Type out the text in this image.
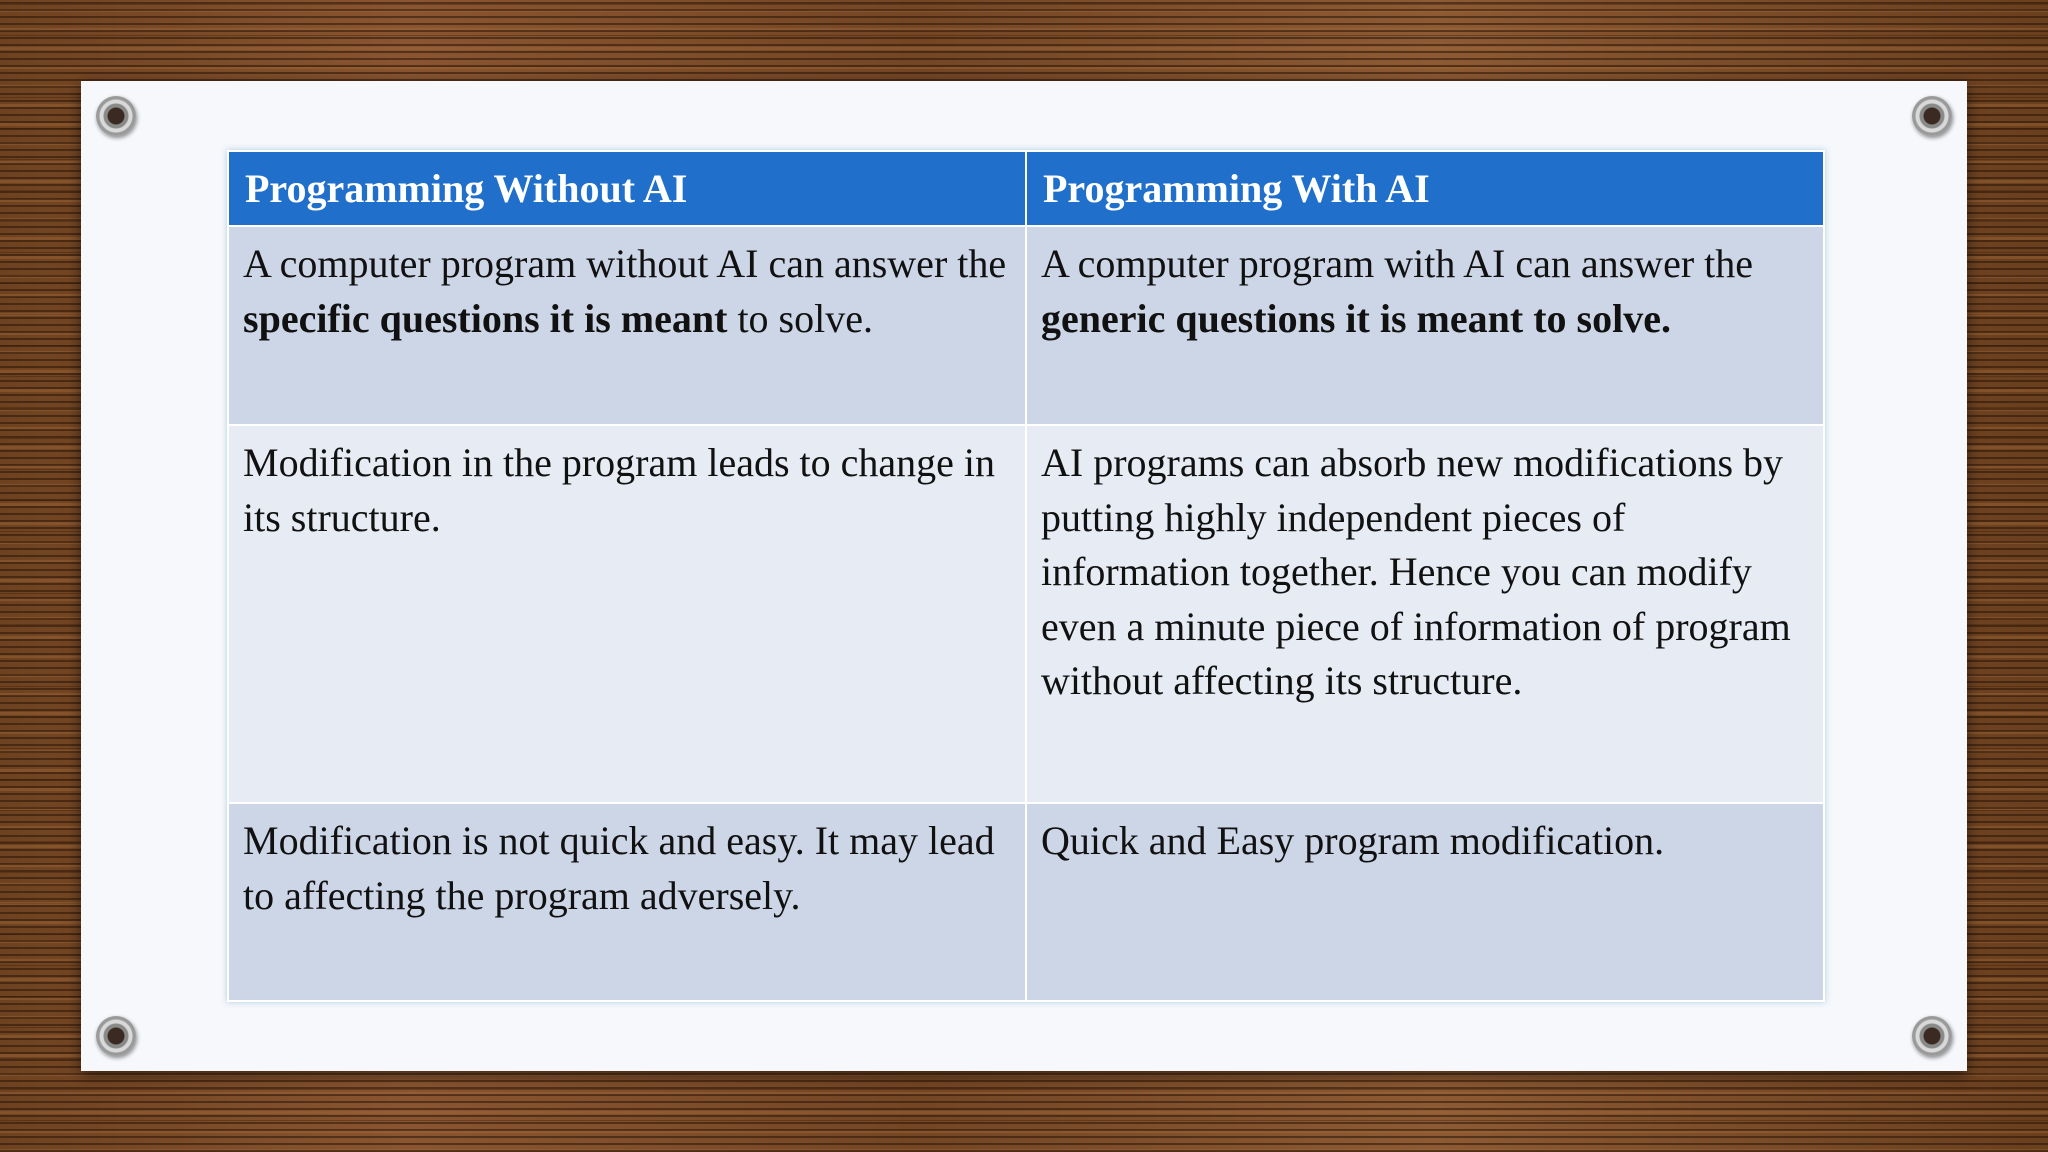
Programming Without AI	Programming With AI
A computer program without AI can answer the specific questions it is meant to solve.	A computer program with AI can answer the generic questions it is meant to solve.
Modification in the program leads to change in its structure.	AI programs can absorb new modifications by putting highly independent pieces of information together. Hence you can modify even a minute piece of information of program without affecting its structure.
Modification is not quick and easy. It may lead to affecting the program adversely.	Quick and Easy program modification.
